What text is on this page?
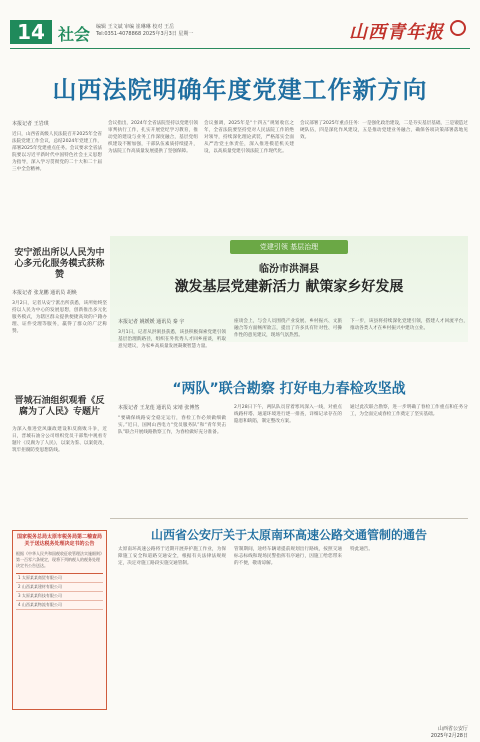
14 社会 编辑 王文斌 审编 崔琳琳 校对 王岳
Tel:0351-4078868 2025年3月3日 星期一	山西青年报
山西法院明确年度党建工作新方向
本报记者 王岩琪
近日，山西省高级人民法院召开2025年全省法院党建工作会议，总结2024年党建工作，部署2025年党建重点任务。会议要求全省法院要以习近平新时代中国特色社会主义思想为指导，深入学习贯彻党的二十大和二十届三中全会精神。
会议指出，2024年全省法院坚持以党建引领审判执行工作，扎实开展党纪学习教育，推动党的建设与业务工作深度融合，基层党组织建设不断加强，干部队伍素质持续提升，为法院工作高质量发展提供了坚强保障。
会议强调，2025年是“十四五”规划收官之年，全省法院要坚持党对人民法院工作的绝对领导，持续深化理论武装，严格落实全面从严治党主体责任，深入推进模范机关建设，以高质量党建引领法院工作现代化。
会议部署了2025年重点任务：一是强化政治建设，二是夯实基层基础，三是锻造过硬队伍，四是深化作风建设，五是推动党建业务融合，确保各项决策部署落地见效。
安宁派出所以人民为中心多元化服务模式获称赞
本报记者 张龙鹏 通讯员 胡焕
3月2日，记者从安宁派出所获悉，该所始终坚持以人民为中心的发展思想，创新推出多元化服务模式，为辖区群众提供便捷高效的户籍办理、证件受理等服务，赢得了群众的广泛称赞。
晋城石油组织观看《反腐为了人民》专题片
为深入推进党风廉政建设和反腐败斗争，近日，晋城石油分公司组织党员干部集中观看专题片《反腐为了人民》，以案为鉴、以案促改，筑牢拒腐防变思想防线。
国家税务总局太原市税务局第二稽查局关于送达税务处理决定书的公告
根据《中华人民共和国税收征收管理法实施细则》第一百零六条规定，现将下列纳税人的税务处理决定书公告送达。
1 太原某某商贸有限公司
2 山西某某建材有限公司
3 太原某某科技有限公司
4 山西某某物流有限公司
党建引领 基层治理
临汾市洪洞县
激发基层党建新活力 献策家乡好发展
本报记者 姚媛媛 通讯员 秦 宇
3月1日，记者从洪洞县获悉，该县积极探索党建引领基层治理新路径，组织在外优秀人才回乡座谈，听取意见建议，为家乡高质量发展凝聚智慧力量。
座谈会上，与会人员围绕产业发展、乡村振兴、文旅融合等方面畅所欲言，提出了许多具有针对性、可操作性的意见建议，现场气氛热烈。
下一步，该县将持续深化党建引领，搭建人才回流平台，推动各类人才在乡村振兴中建功立业。
“两队”联合勘察 打好电力春检攻坚战
本报记者 王龙莲 通讯员 宋靖 张博然
“要确保线路安全稳定运行，春检工作必须做细做实。”近日，国网山西电力“党员服务队”和“青年突击队”联合开展线路勘察工作，为春检做好充分准备。
2月28日下午，两队队员冒着寒风深入一线，对重点线路杆塔、通道环境进行逐一排查，详细记录存在的隐患和缺陷，制定整改方案。
通过此次联合勘察，进一步明确了春检工作重点和任务分工，为全面完成春检工作奠定了坚实基础。
山西省公安厅关于太原南环高速公路交通管制的通告
太原南环高速公路将于近期开展养护施工作业，为保障施工安全和道路交通安全，根据有关法律法规规定，决定对施工路段实施交通管制。
管制期间，途经车辆请提前规划出行路线，按照交通标志标线和现场民警指挥有序通行，因施工给您带来的不便，敬请谅解。
特此通告。
山西省公安厅
2025年2月28日
